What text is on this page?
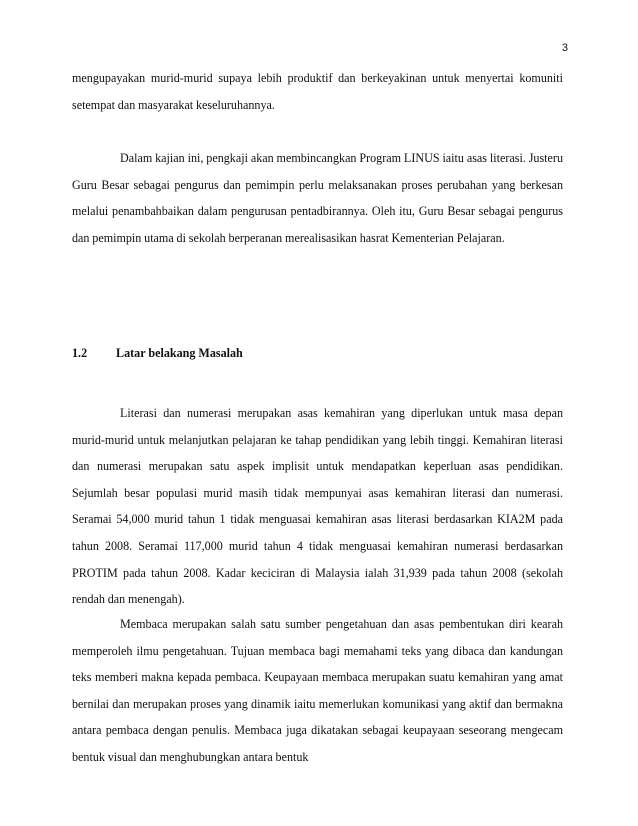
3

mengupayakan murid-murid supaya lebih produktif dan berkeyakinan untuk menyertai komuniti setempat dan masyarakat keseluruhannya.

Dalam kajian ini, pengkaji akan membincangkan Program LINUS iaitu asas literasi. Justeru Guru Besar sebagai pengurus dan pemimpin perlu melaksanakan proses perubahan yang berkesan melalui penambahbaikan dalam pengurusan pentadbirannya. Oleh itu, Guru Besar sebagai pengurus dan pemimpin utama di sekolah berperanan merealisasikan hasrat Kementerian Pelajaran.

1.2 Latar belakang Masalah

Literasi dan numerasi merupakan asas kemahiran yang diperlukan untuk masa depan murid-murid untuk melanjutkan pelajaran ke tahap pendidikan yang lebih tinggi. Kemahiran literasi dan numerasi merupakan satu aspek implisit untuk mendapatkan keperluan asas pendidikan. Sejumlah besar populasi murid masih tidak mempunyai asas kemahiran literasi dan numerasi. Seramai 54,000 murid tahun 1 tidak menguasai kemahiran asas literasi berdasarkan KIA2M pada tahun 2008. Seramai 117,000 murid tahun 4 tidak menguasai kemahiran numerasi berdasarkan PROTIM pada tahun 2008. Kadar keciciran di Malaysia ialah 31,939 pada tahun 2008 (sekolah rendah dan menengah).

Membaca merupakan salah satu sumber pengetahuan dan asas pembentukan diri kearah memperoleh ilmu pengetahuan. Tujuan membaca bagi memahami teks yang dibaca dan kandungan teks memberi makna kepada pembaca. Keupayaan membaca merupakan suatu kemahiran yang amat bernilai dan merupakan proses yang dinamik iaitu memerlukan komunikasi yang aktif dan bermakna antara pembaca dengan penulis. Membaca juga dikatakan sebagai keupayaan seseorang mengecam bentuk visual dan menghubungkan antara bentuk
